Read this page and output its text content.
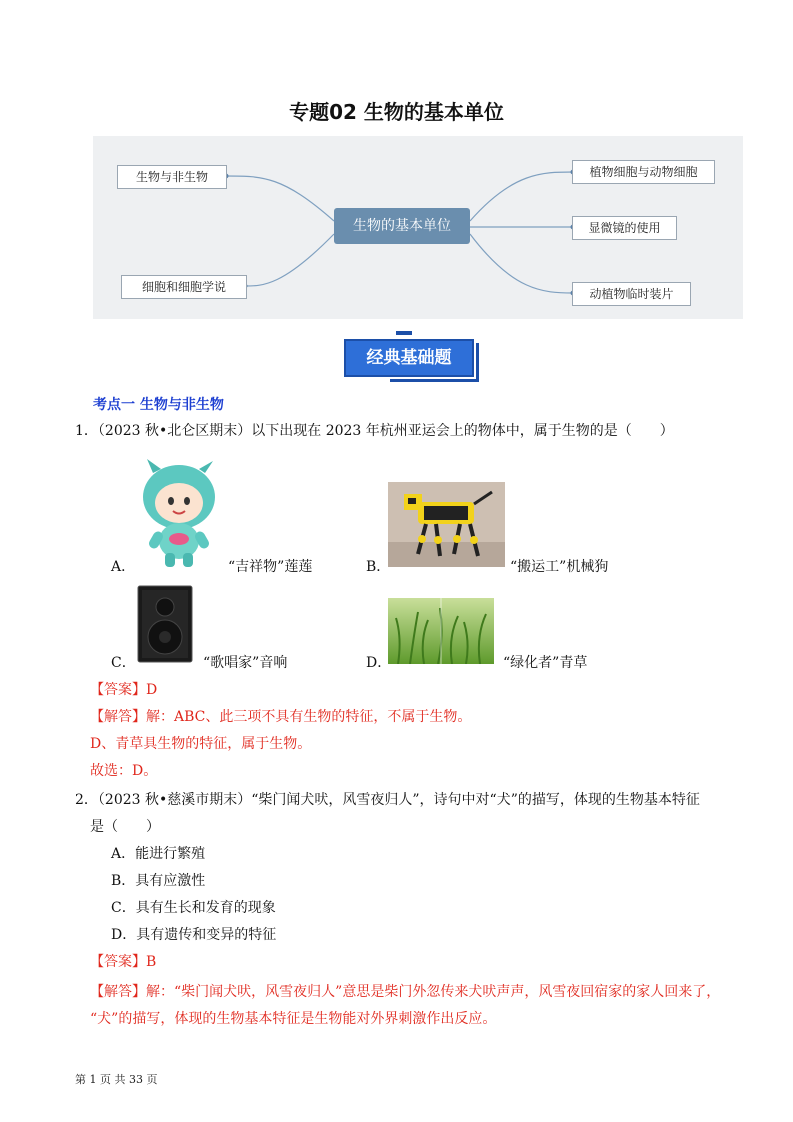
专题02 生物的基本单位
生物与非生物
细胞和细胞学说
生物的基本单位
植物细胞与动物细胞
显微镜的使用
动植物临时装片
经典基础题
考点一 生物与非生物
1．（2023 秋•北仑区期末）以下出现在 2023 年杭州亚运会上的物体中，属于生物的是（　　）
A．	“吉祥物”莲莲	B．	“搬运工”机械狗
C．	“歌唱家”音响	D．	“绿化者”青草
【答案】D
【解答】解：ABC、此三项不具有生物的特征，不属于生物。
D、青草具生物的特征，属于生物。
故选：D。
2．（2023 秋•慈溪市期末）“柴门闻犬吠，风雪夜归人”，诗句中对“犬”的描写，体现的生物基本特征
是（　　）
A．能进行繁殖
B．具有应激性
C．具有生长和发育的现象
D．具有遗传和变异的特征
【答案】B
【解答】解：“柴门闻犬吠，风雪夜归人”意思是柴门外忽传来犬吠声声，风雪夜回宿家的家人回来了，
“犬”的描写，体现的生物基本特征是生物能对外界刺激作出反应。
第 1 页 共 33 页
